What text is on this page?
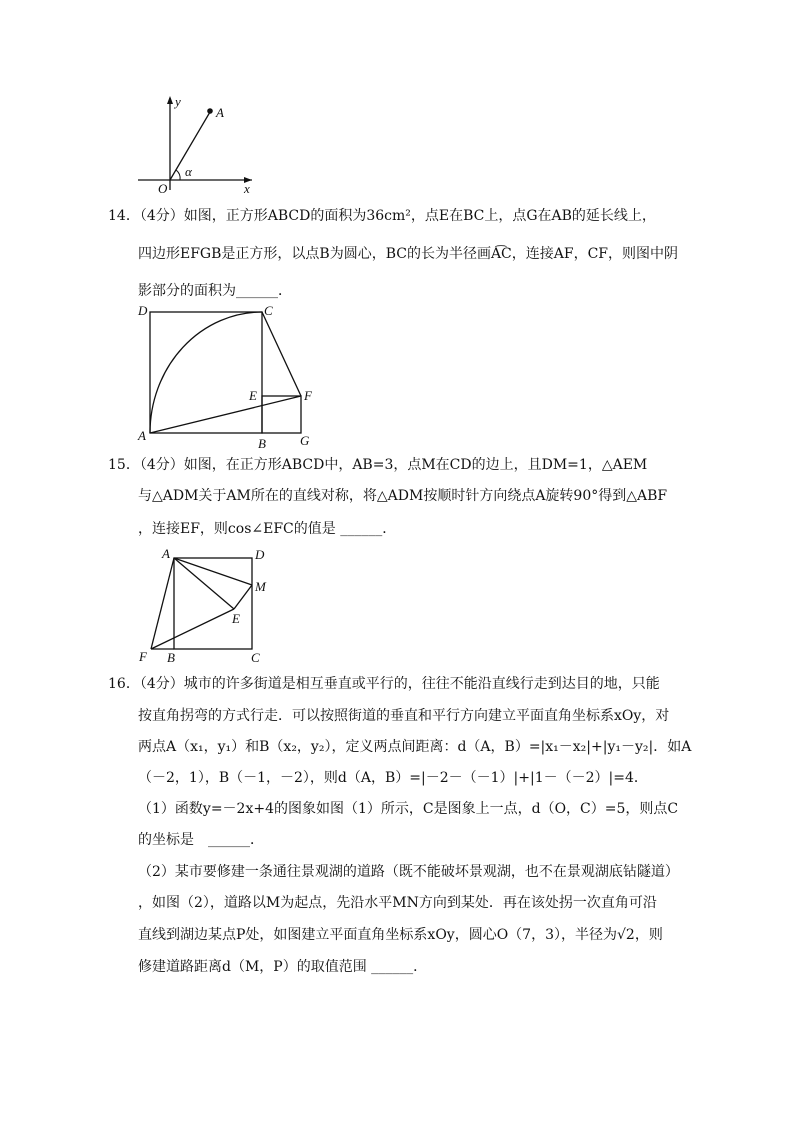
y
x
O
A
α
14．（4分）如图，正方形ABCD的面积为36cm²，点E在BC上，点G在AB的延长线上，
四边形EFGB是正方形，以点B为圆心，BC的长为半径画A͡C，连接AF，CF，则图中阴
影部分的面积为______．
D	C
E	F
A
B	G
15．（4分）如图，在正方形ABCD中，AB=3，点M在CD的边上，且DM=1，△AEM
与△ADM关于AM所在的直线对称，将△ADM按顺时针方向绕点A旋转90°得到△ABF
，连接EF，则cos∠EFC的值是 ______．
A	D
M
E
F B	C
16．（4分）城市的许多街道是相互垂直或平行的，往往不能沿直线行走到达目的地，只能
按直角拐弯的方式行走．可以按照街道的垂直和平行方向建立平面直角坐标系xOy，对
两点A（x₁，y₁）和B（x₂，y₂），定义两点间距离：d（A，B）=|x₁－x₂|+|y₁－y₂|．如A
（－2，1），B（－1，－2），则d（A，B）=|－2－（－1）|+|1－（－2）|=4．
（1）函数y=－2x+4的图象如图（1）所示，C是图象上一点，d（O，C）=5，则点C
的坐标是　______．
（2）某市要修建一条通往景观湖的道路（既不能破坏景观湖，也不在景观湖底钻隧道）
，如图（2），道路以M为起点，先沿水平MN方向到某处．再在该处拐一次直角可沿
直线到湖边某点P处，如图建立平面直角坐标系xOy，圆心O（7，3），半径为√2，则
修建道路距离d（M，P）的取值范围 ______．
